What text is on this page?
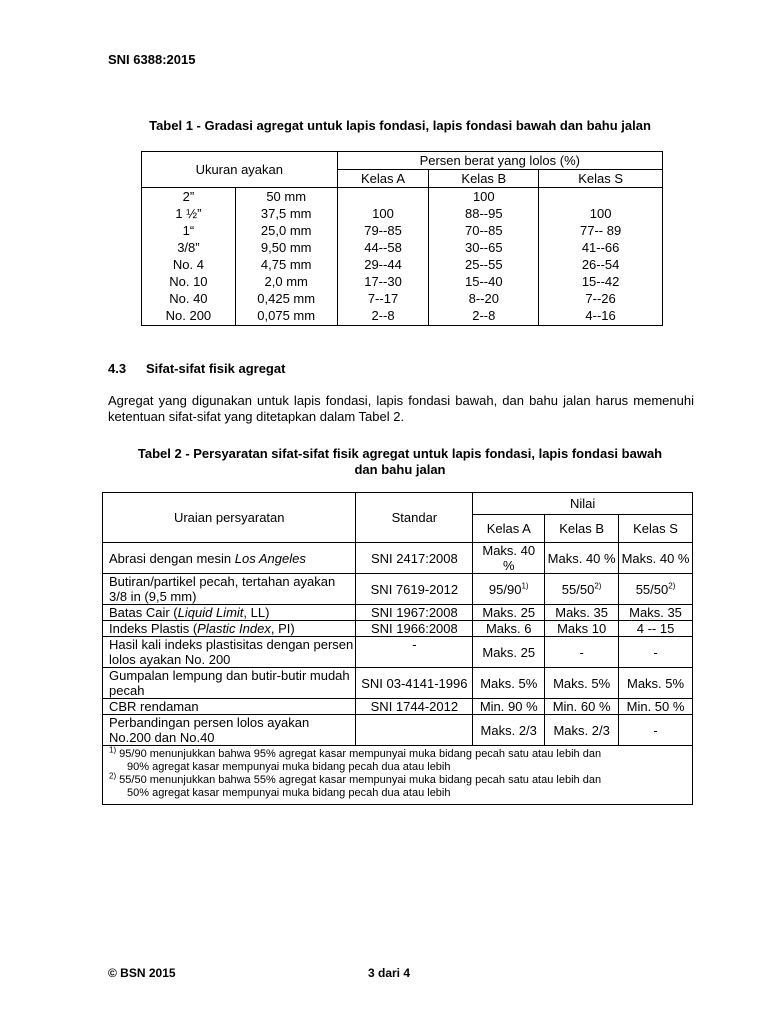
SNI 6388:2015
Tabel 1 - Gradasi agregat untuk lapis fondasi, lapis fondasi bawah dan bahu jalan
Ukuran ayakan		Persen berat yang lolos (%)		
		Kelas A	Kelas B	Kelas S
2”	50 mm		100	
1 ½”	37,5 mm	100	88--95	100
1“	25,0 mm	79--85	70--85	77-- 89
3/8”	9,50 mm	44--58	30--65	41--66
No. 4	4,75 mm	29--44	25--55	26--54
No. 10	2,0 mm	17--30	15--40	15--42
No. 40	0,425 mm	7--17	8--20	7--26
No. 200	0,075 mm	2--8	2--8	4--16
4.3 Sifat-sifat fisik agregat
Agregat yang digunakan untuk lapis fondasi, lapis fondasi bawah, dan bahu jalan harus memenuhi ketentuan sifat-sifat yang ditetapkan dalam Tabel 2.
Tabel 2 - Persyaratan sifat-sifat fisik agregat untuk lapis fondasi, lapis fondasi bawah
dan bahu jalan
Uraian persyaratan	Standar	Nilai		
		Kelas A	Kelas B	Kelas S
Abrasi dengan mesin Los Angeles	SNI 2417:2008	Maks. 40 %	Maks. 40 %	Maks. 40 %
Butiran/partikel pecah, tertahan ayakan 3/8 in (9,5 mm)	SNI 7619-2012	95/90$^{1)}$	55/50$^{2)}$	55/50$^{2)}$
Batas Cair (Liquid Limit, LL)	SNI 1967:2008	Maks. 25	Maks. 35	Maks. 35
Indeks Plastis (Plastic Index, PI)	SNI 1966:2008	Maks. 6	Maks 10	4 -- 15
Hasil kali indeks plastisitas dengan persen lolos ayakan No. 200	-	Maks. 25	-	-
Gumpalan lempung dan butir-butir mudah pecah	SNI 03-4141-1996	Maks. 5%	Maks. 5%	Maks. 5%
CBR rendaman	SNI 1744-2012	Min. 90 %	Min. 60 %	Min. 50 %
Perbandingan persen lolos ayakan No.200 dan No.40		Maks. 2/3	Maks. 2/3	-

$^{1)}$ 95/90 menunjukkan bahwa 95% agregat kasar mempunyai muka bidang pecah satu atau lebih dan
90% agregat kasar mempunyai muka bidang pecah dua atau lebih
$^{2)}$ 55/50 menunjukkan bahwa 55% agregat kasar mempunyai muka bidang pecah satu atau lebih dan
50% agregat kasar mempunyai muka bidang pecah dua atau lebih				
© BSN 2015	3 dari 4
